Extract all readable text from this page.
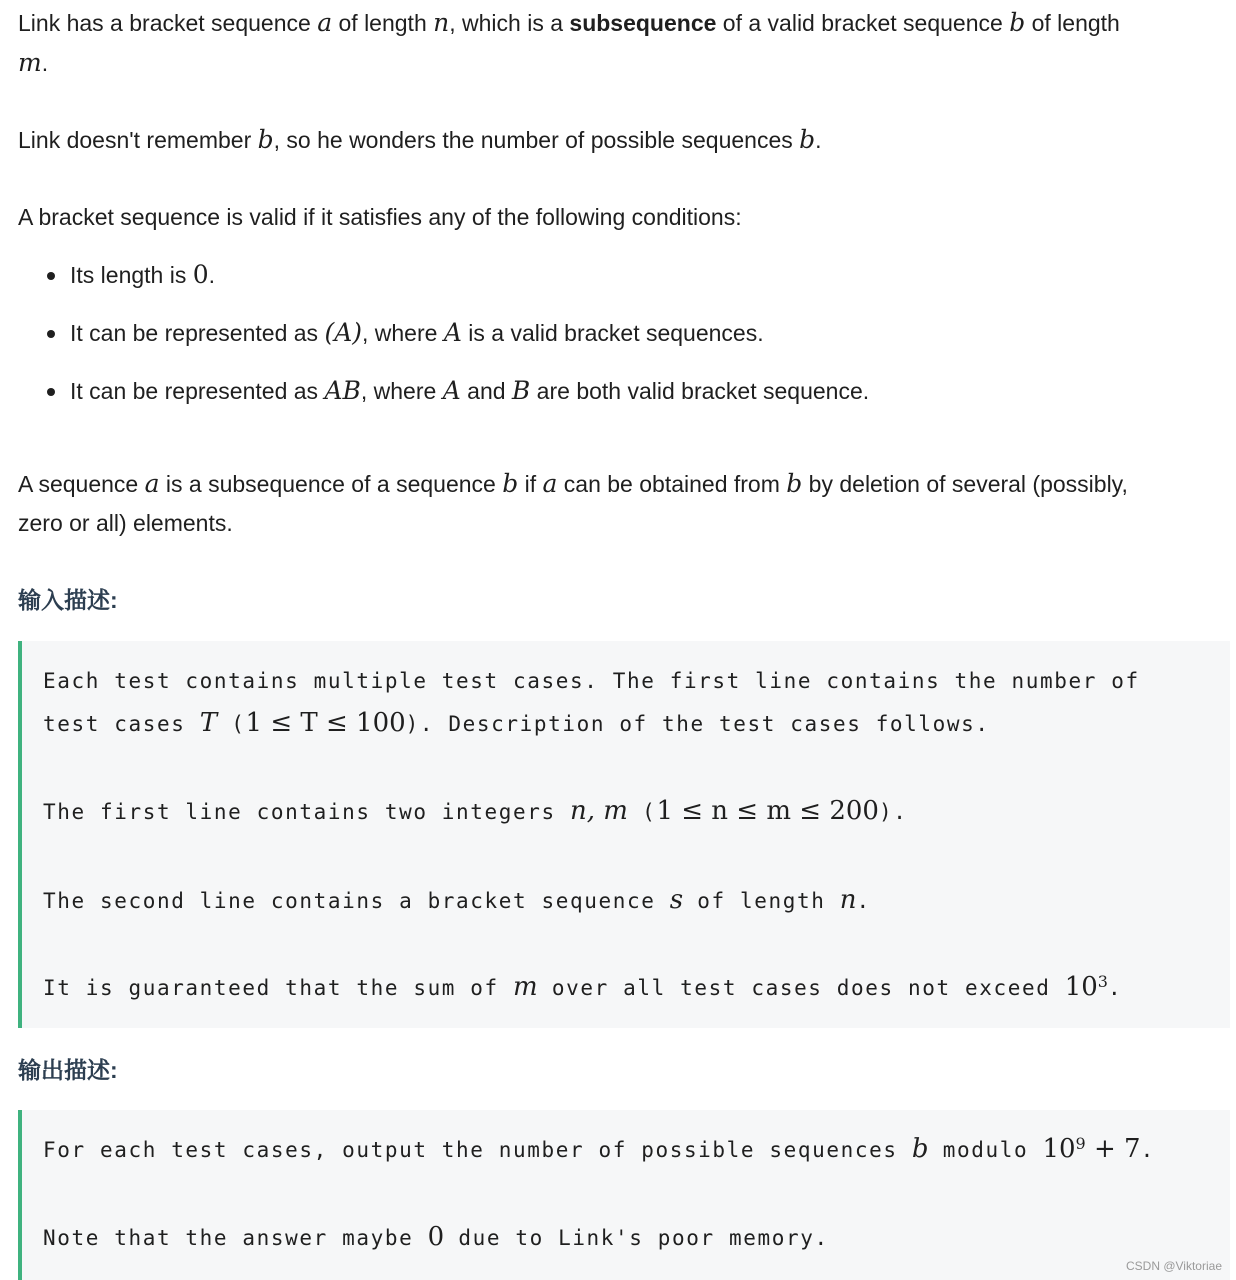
Link has a bracket sequence a of length n, which is a subsequence of a valid bracket sequence b of length
m.

Link doesn't remember b, so he wonders the number of possible sequences b.

A bracket sequence is valid if it satisfies any of the following conditions:

Its length is 0.
It can be represented as (A), where A is a valid bracket sequences.
It can be represented as AB, where A and B are both valid bracket sequence.

A sequence a is a subsequence of a sequence b if a can be obtained from b by deletion of several (possibly,
zero or all) elements.

输入描述:
Each test contains multiple test cases. The first line contains the number of
test cases T (1 ≤ T ≤ 100). Description of the test cases follows.
The first line contains two integers n, m (1 ≤ n ≤ m ≤ 200).
The second line contains a bracket sequence s of length n.
It is guaranteed that the sum of m over all test cases does not exceed $10^3$.
输出描述:
For each test cases, output the number of possible sequences b modulo $10^9 + 7$.
Note that the answer maybe 0 due to Link's poor memory.
CSDN @Viktoriae
